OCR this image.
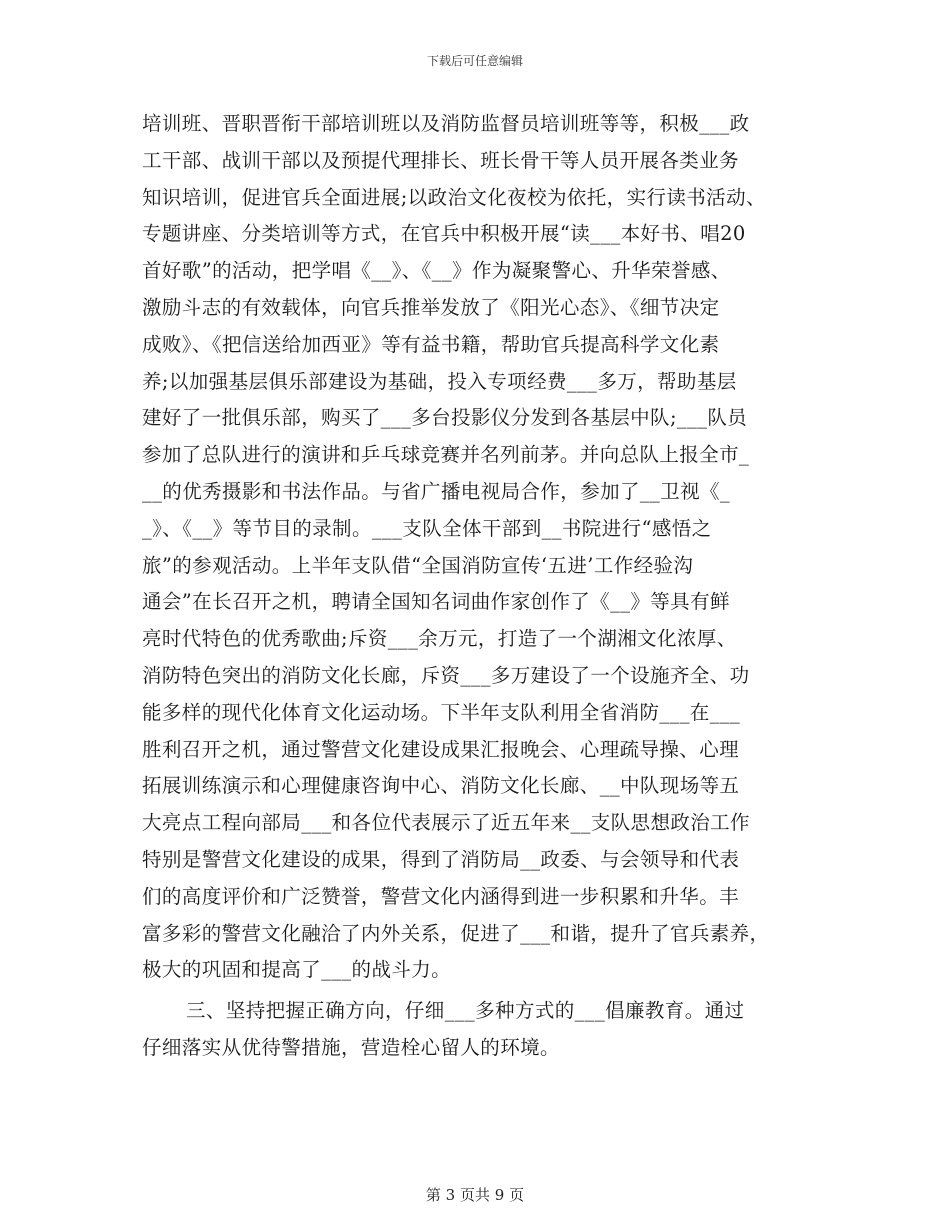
下载后可任意编辑
培训班、晋职晋衔干部培训班以及消防监督员培训班等等，积极___政
工干部、战训干部以及预提代理排长、班长骨干等人员开展各类业务
知识培训，促进官兵全面进展;以政治文化夜校为依托，实行读书活动、
专题讲座、分类培训等方式，在官兵中积极开展“读___本好书、唱20
首好歌”的活动，把学唱《__》、《__》作为凝聚警心、升华荣誉感、
激励斗志的有效载体，向官兵推举发放了《阳光心态》、《细节决定
成败》、《把信送给加西亚》等有益书籍，帮助官兵提高科学文化素
养;以加强基层俱乐部建设为基础，投入专项经费___多万，帮助基层
建好了一批俱乐部，购买了___多台投影仪分发到各基层中队;___队员
参加了总队进行的演讲和乒乓球竞赛并名列前茅。并向总队上报全市_
__的优秀摄影和书法作品。与省广播电视局合作，参加了__卫视《_
_》、《__》等节目的录制。___支队全体干部到__书院进行“感悟之
旅”的参观活动。上半年支队借“全国消防宣传‘五进’工作经验沟
通会”在长召开之机，聘请全国知名词曲作家创作了《__》等具有鲜
亮时代特色的优秀歌曲;斥资___余万元，打造了一个湖湘文化浓厚、
消防特色突出的消防文化长廊，斥资___多万建设了一个设施齐全、功
能多样的现代化体育文化运动场。下半年支队利用全省消防___在___
胜利召开之机，通过警营文化建设成果汇报晚会、心理疏导操、心理
拓展训练演示和心理健康咨询中心、消防文化长廊、__中队现场等五
大亮点工程向部局___和各位代表展示了近五年来__支队思想政治工作
特别是警营文化建设的成果，得到了消防局__政委、与会领导和代表
们的高度评价和广泛赞誉，警营文化内涵得到进一步积累和升华。丰
富多彩的警营文化融洽了内外关系，促进了___和谐，提升了官兵素养，
极大的巩固和提高了___的战斗力。
三、坚持把握正确方向，仔细___多种方式的___倡廉教育。通过
仔细落实从优待警措施，营造栓心留人的环境。
第 3 页共 9 页
